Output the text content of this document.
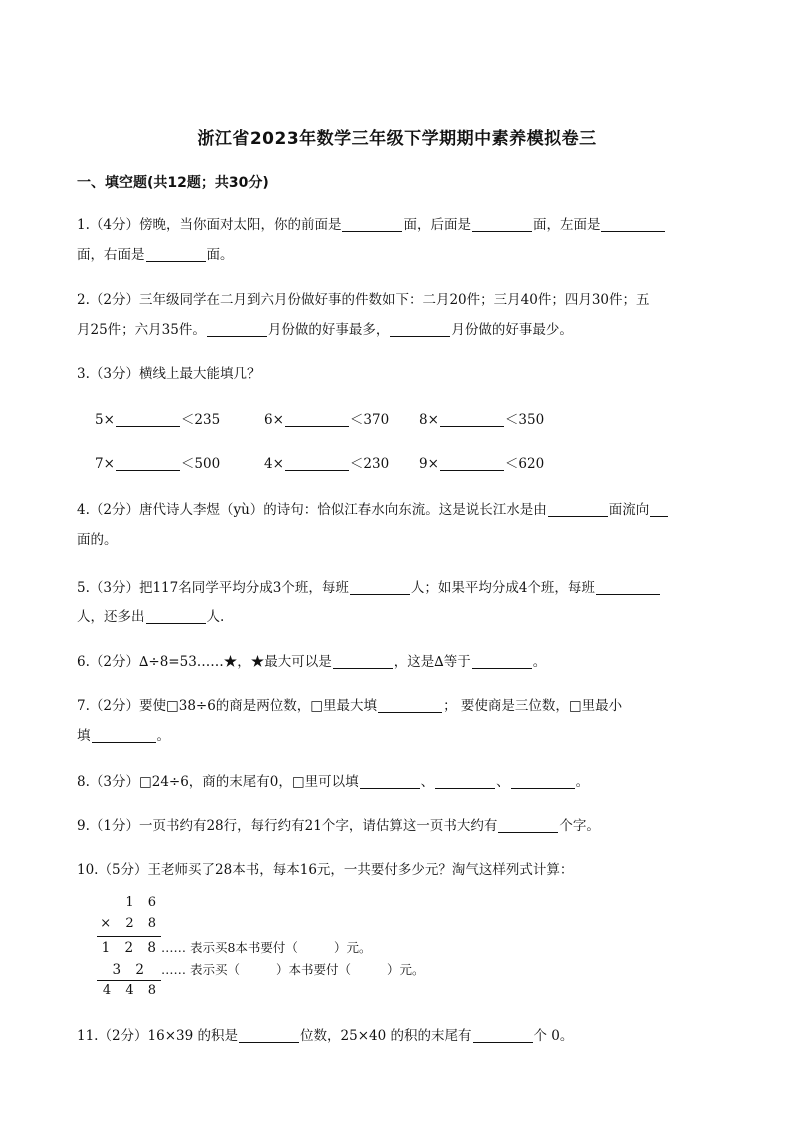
浙江省2023年数学三年级下学期期中素养模拟卷三
一、填空题(共12题；共30分)
1.（4分）傍晚，当你面对太阳，你的前面是	面，后面是	面，左面是
面，右面是	面。
2.（2分）三年级同学在二月到六月份做好事的件数如下：二月20件；三月40件；四月30件；五
月25件；六月35件。	月份做的好事最多，	月份做的好事最少。
3.（3分）横线上最大能填几？
5×	＜235	6×	＜370 8×	＜350
7×	＜500	4×	＜230 9×	＜620
4.（2分）唐代诗人李煜（yù）的诗句：恰似江春水向东流。这是说长江水是由	面流向
面的。
5.（3分）把117名同学平均分成3个班，每班	人；如果平均分成4个班，每班
人，还多出	人.
6.（2分）∆÷8=53……★，★最大可以是	，这是∆等于	。
7.（2分）要使□38÷6的商是两位数，□里最大填	； 要使商是三位数，□里最小
填	。
8.（3分）□24÷6，商的末尾有0，□里可以填	、	、	。
9.（1分）一页书约有28行，每行约有21个字，请估算这一页书大约有	个字。
10.（5分）王老师买了28本书，每本16元，一共要付多少元？淘气这样列式计算：
1 6
× 2 8
1 2 8…… 表示买8本书要付（	）元。
3 2 …… 表示买（	）本书要付（	）元。
4 4 8
11.（2分）16×39 的积是	位数，25×40 的积的末尾有	个 0。
